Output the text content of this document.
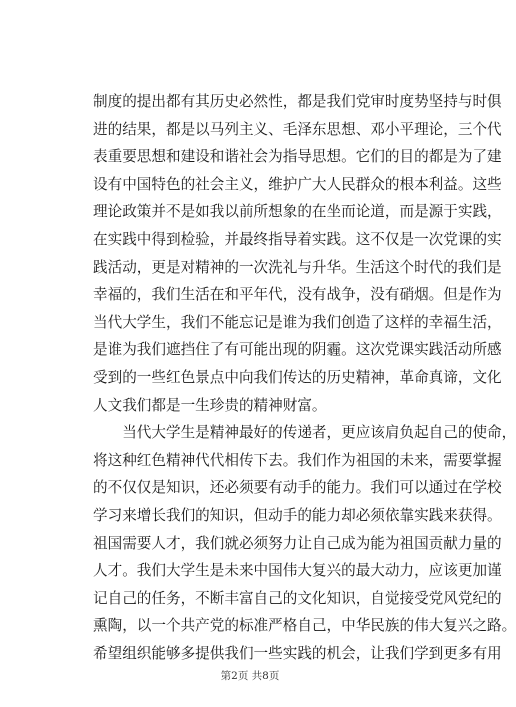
制度的提出都有其历史必然性，都是我们党审时度势坚持与时俱
进的结果，都是以马列主义、毛泽东思想、邓小平理论，三个代
表重要思想和建设和谐社会为指导思想。它们的目的都是为了建
设有中国特色的社会主义，维护广大人民群众的根本利益。这些
理论政策并不是如我以前所想象的在坐而论道，而是源于实践，
在实践中得到检验，并最终指导着实践。这不仅是一次党课的实
践活动，更是对精神的一次洗礼与升华。生活这个时代的我们是
幸福的，我们生活在和平年代，没有战争，没有硝烟。但是作为
当代大学生，我们不能忘记是谁为我们创造了这样的幸福生活，
是谁为我们遮挡住了有可能出现的阴霾。这次党课实践活动所感
受到的一些红色景点中向我们传达的历史精神，革命真谛，文化
人文我们都是一生珍贵的精神财富。
　　当代大学生是精神最好的传递者，更应该肩负起自己的使命，
将这种红色精神代代相传下去。我们作为祖国的未来，需要掌握
的不仅仅是知识，还必须要有动手的能力。我们可以通过在学校
学习来增长我们的知识，但动手的能力却必须依靠实践来获得。
祖国需要人才，我们就必须努力让自己成为能为祖国贡献力量的
人才。我们大学生是未来中国伟大复兴的最大动力，应该更加谨
记自己的任务，不断丰富自己的文化知识，自觉接受党风党纪的
熏陶，以一个共产党的标准严格自己，中华民族的伟大复兴之路。
希望组织能够多提供我们一些实践的机会，让我们学到更多有用
第2页 共8页
